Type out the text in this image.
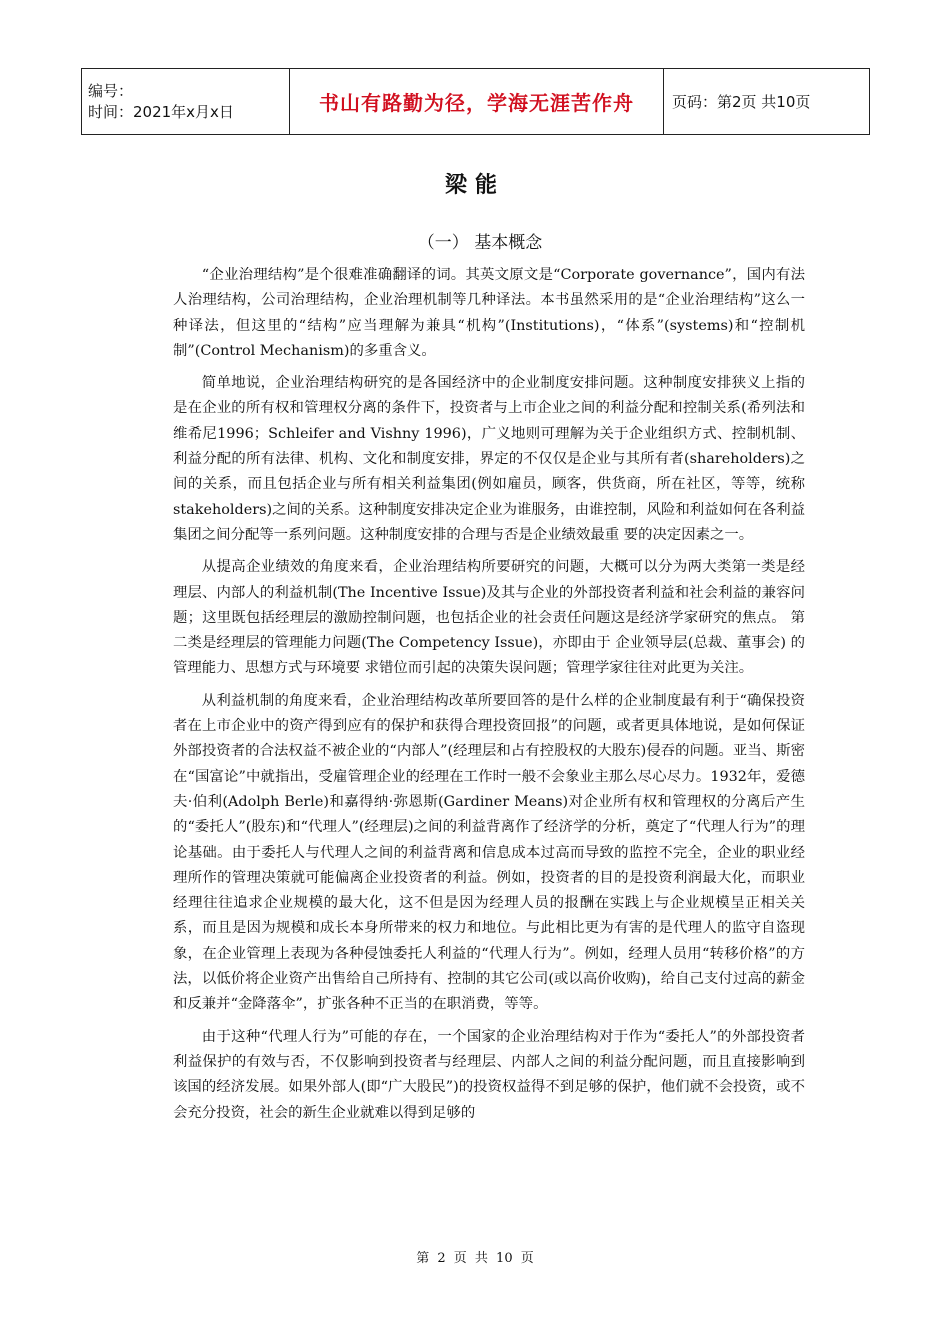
编号：
时间：2021年x月x日	书山有路勤为径，学海无涯苦作舟	页码：第2页 共10页
梁能
（一） 基本概念

“企业治理结构”是个很难准确翻译的词。其英文原文是“Corporate governance”，国内有法人治理结构，公司治理结构，企业治理机制等几种译法。本书虽然采用的是“企业治理结构”这么一种译法，但这里的“结构”应当理解为兼具“机构”(Institutions)，“体系”(systems)和“控制机制”(Control Mechanism)的多重含义。

简单地说，企业治理结构研究的是各国经济中的企业制度安排问题。这种制度安排狭义上指的是在企业的所有权和管理权分离的条件下，投资者与上市企业之间的利益分配和控制关系(希列法和维希尼1996；Schleifer and Vishny 1996)，广义地则可理解为关于企业组织方式、控制机制、利益分配的所有法律、机构、文化和制度安排，界定的不仅仅是企业与其所有者(shareholders)之间的关系，而且包括企业与所有相关利益集团(例如雇员，顾客，供货商，所在社区，等等，统称stakeholders)之间的关系。这种制度安排决定企业为谁服务，由谁控制，风险和利益如何在各利益集团之间分配等一系列问题。这种制度安排的合理与否是企业绩效最重 要的决定因素之一。

从提高企业绩效的角度来看，企业治理结构所要研究的问题，大概可以分为两大类第一类是经理层、内部人的利益机制(The Incentive Issue)及其与企业的外部投资者利益和社会利益的兼容问题；这里既包括经理层的激励控制问题，也包括企业的社会责任问题这是经济学家研究的焦点。 第二类是经理层的管理能力问题(The Competency Issue)，亦即由于 企业领导层(总裁、董事会) 的管理能力、思想方式与环境要 求错位而引起的决策失误问题；管理学家往往对此更为关注。

从利益机制的角度来看，企业治理结构改革所要回答的是什么样的企业制度最有利于“确保投资者在上市企业中的资产得到应有的保护和获得合理投资回报”的问题，或者更具体地说，是如何保证外部投资者的合法权益不被企业的“内部人”(经理层和占有控股权的大股东)侵吞的问题。亚当、斯密在“国富论”中就指出，受雇管理企业的经理在工作时一般不会象业主那么尽心尽力。1932年，爱德夫·伯利(Adolph Berle)和嘉得纳·弥恩斯(Gardiner Means)对企业所有权和管理权的分离后产生的“委托人”(股东)和“代理人”(经理层)之间的利益背离作了经济学的分析，奠定了“代理人行为”的理论基础。由于委托人与代理人之间的利益背离和信息成本过高而导致的监控不完全，企业的职业经理所作的管理决策就可能偏离企业投资者的利益。例如，投资者的目的是投资利润最大化，而职业经理往往追求企业规模的最大化，这不但是因为经理人员的报酬在实践上与企业规模呈正相关关系，而且是因为规模和成长本身所带来的权力和地位。与此相比更为有害的是代理人的监守自盗现象，在企业管理上表现为各种侵蚀委托人利益的“代理人行为”。例如，经理人员用“转移价格”的方法，以低价将企业资产出售给自己所持有、控制的其它公司(或以高价收购)，给自己支付过高的薪金和反兼并“金降落伞”，扩张各种不正当的在职消费，等等。

由于这种“代理人行为”可能的存在，一个国家的企业治理结构对于作为“委托人”的外部投资者利益保护的有效与否，不仅影响到投资者与经理层、内部人之间的利益分配问题，而且直接影响到该国的经济发展。如果外部人(即“广大股民”)的投资权益得不到足够的保护，他们就不会投资，或不会充分投资，社会的新生企业就难以得到足够的

第 2 页 共 10 页
